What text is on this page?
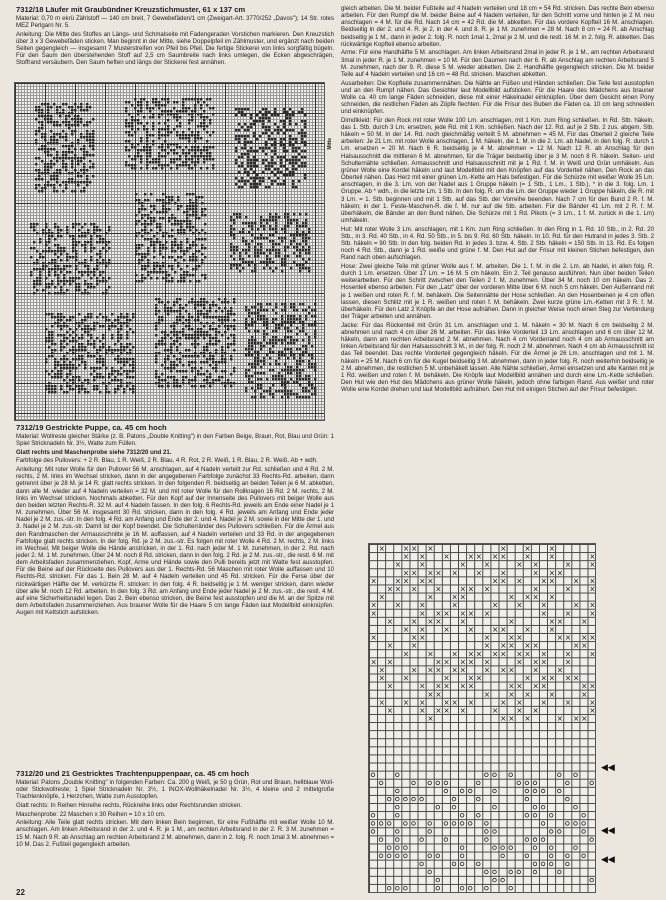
7312/18 Läufer mit Graubündner Kreuzstichmuster, 61 x 137 cm

Material: 0,70 m ekrü Zählstoff — 140 cm breit, 7 Gewebefäden/1 cm (Zweigart-Art. 3770/252 „Davos"); 14 Str. rotes MEZ Perlgarn Nr. 5.

Anleitung: Die Mitte des Stoffes an Längs- und Schmalseite mit Fadengeraden Vorstichen markieren. Den Kreuzstich über 3 x 3 Gewebefäden sticken. Man beginnt in der Mitte, siehe Doppelpfeil im Zählmuster, und ergänzt nach beiden Seiten gegengleich — insgesamt 7 Musterstreifen von Pfeil bis Pfeil. Die fertige Stickerei von links sorgfältig bügeln. Für den Saum den überstehenden Stoff auf 2,5 cm Saumbreite nach links umlegen, die Ecken abgeschrägen, Stoffrand versäubern. Den Saum heften und längs der Stickerei fest annähen.

Mitte
7312/19 Gestrickte Puppe, ca. 45 cm hoch

Material: Wollreste gleicher Stärke (z. B. Patons „Double Knitting") in den Farben Beige, Braun, Rot, Blau und Grün: 1 Spiel Stricknadeln Nr. 3½, Watte zum Füllen.

Glatt rechts und Maschenprobe siehe 7312/20 und 21.

Farbfolge des Pullovers: + 2 R. Blau, 1 R. Weiß, 2 R. Blau, 4 R. Rot, 2 R. Weiß, 1 R. Blau, 2 R. Weiß. Ab + wdh.

Anleitung: Mit roter Wolle für den Pullover 56 M. anschlagen, auf 4 Nadeln verteilt zur Rd. schließen und 4 Rd. 2 M. rechts, 2 M. links im Wechsel stricken, dann in der angegebenen Farbfolge zunächst 33 Rechts-Rd. arbeiten, dann getrennt über je 28 M. je 14 R. glatt rechts stricken. In den folgenden R. beidseitig an beiden Teilen je 6 M. abketten, dann alle M. wieder auf 4 Nadeln verteilen = 32 M. und mit roter Wolle für den Rollkragen 16 Rd. 2 M. rechts, 2 M. links im Wechsel stricken. Nochmals abketten. Für den Kopf auf der Innenseite des Pullovers mit beiger Wolle aus den beiden letzten Rechts-R. 32 M. auf 4 Nadeln fassen. In den folg. 6 Rechts-Rd. jeweils am Ende einer Nadel je 1 M. zunehmen. Über 56 M. insgesamt 30 Rd. stricken, dann in den folg. 4 Rd. jeweils am Anfang und Ende jeder Nadel je 2 M. zus.-str. In den folg. 4 Rd. am Anfang und Ende der 2. und 4. Nadel je 2 M. sowie in der Mitte der 1. und 3. Nadel je 2 M. zus.-str. Damit ist der Kopf beendet. Die Schulterränder des Pullovers schließen. Für die Ärmel aus den Randmaschen der Armausschnitte je 16 M. auffassen, auf 4 Nadeln verteilen und 33 Rd. in der angegebenen Farbfolge glatt rechts stricken. In der folg. Rd. je 2 M. zus.-str. Es folgen mit roter Wolle 4 Rd. 2 M. rechts, 2 M. links im Wechsel. Mit beiger Wolle die Hände anstricken, in der 1. Rd. nach jeder M. 1 M. zunehmen, in der 2. Rd. nach jeder 2. M. 1 M. zunehmen. Über 24 M. noch 8 Rd. stricken, dann in den folg. 2 Rd. je 2 M. zus.-str., die restl. 6 M. mit dem Arbeitsfaden zusammenziehen. Kopf, Arme und Hände sowie den Pulli bereits jetzt mit Watte fest ausstopfen. Für die Beine auf der Rückseite des Pullovers aus der 1. Rechts-Rd. 56 Maschen mit roter Wolle auffassen und 10 Rechts-Rd. stricken. Für das 1. Bein 28 M. auf 4 Nadeln verteilen und 45 Rd. stricken. Für die Ferse über der rückwärtigen Hälfte der M. verkürzte R. stricken: In den folg. 4 R. beidseitig je 1 M. weniger stricken, dann wieder über alle M. noch 12 Rd. arbeiten. In den folg. 3 Rd. am Anfang und Ende jeder Nadel je 2 M. zus.-str., die restl. 4 M. auf eine Sicherheitsnadel legen. Das 2. Bein ebenso stricken, die Beine fest ausstopfen und die M. an der Spitze mit dem Arbeitsfaden zusammenziehen. Aus brauner Wolle für die Haare 5 cm lange Fäden laut Modellbild einknüpfen. Augen mit Kettstich aufsticken.

7312/20 und 21 Gestricktes Trachtenpuppenpaar, ca. 45 cm hoch

Material: Patons „Double Knitting" in folgenden Farben: Ca. 200 g Weiß, je 50 g Grün, Rot und Braun, hellblaue Woll- oder Stickwollreste; 1 Spiel Stricknadeln Nr. 3½, 1 INOX-Wollhäkelnadel Nr. 3½, 4 kleine und 2 mittelgroße Trachtenknöpfe, 1 Herzchen, Watte zum Ausstopfen.

Glatt rechts: In Reihen Hinreihe rechts, Rückreihe links oder Rechtsrunden stricken.

Maschenprobe: 22 Maschen x 30 Reihen = 10 x 10 cm.

Anleitung: Alle Teile glatt rechts stricken. Mit dem linken Bein beginnen, für eine Fußhälfte mit weißer Wolle 10 M. anschlagen. Am linken Arbeitsrand in der 2. und 4. R. je 1 M., am rechten Arbeitsrand in der 2. R. 3 M. zunehmen = 15 M. Nach 9 R. ab Anschlag am rechten Arbeitsrand 2 M. abnehmen, dann in 2. folg. R. noch 1mal 3 M. abnehmen = 10 M. Das 2. Fußteil gegengleich arbeiten.

gleich arbeiten. Die M. beider Fußteile auf 4 Nadeln verteilen und 18 cm = 54 Rd. stricken. Das rechte Bein ebenso arbeiten. Für den Rumpf die M. beider Beine auf 4 Nadeln verteilen, für den Schritt vorne und hinten je 2 M. neu anschlagen = 4 M. für die Rd. Nach 14 cm = 42 Rd. die M. abketten. Für das vordere Kopfteil 16 M. anschlagen. Beidseitig in der 2. und 4. R. je 2, in der 4. und 8. R. je 1 M. zunehmen = 28 M. Nach 8 cm = 24 R. ab Anschlag beidseitig je 1 M., dann in jeder 2. folg. R. noch 1mal 1, 2mal je 2 M. und die restl. 16 M. in 2. folg. R. abketten. Das rückwärtige Kopfteil ebenso arbeiten.

Arme: Für eine Handhälfte 5 M. anschlagen. Am linken Arbeitsrand 2mal in jeder R. je 1 M., am rechten Arbeitsrand 3mal in jeder R. je 1 M. zunehmen = 10 M. Für den Daumen nach der 6. R. ab Anschlag am rechten Arbeitsrand 5 M. zunehmen, nach der 9. R. diese 5 M. wieder abketten. Die 2. Handhälfte gegengleich stricken. Die M. beider Teile auf 4 Nadeln verteilen und 16 cm = 48 Rd. stricken. Maschen abketten.

Ausarbeiten: Die Kopfteile zusammennähen. Die Nähte an Füßen und Händen schließen. Die Teile fest ausstopfen und an den Rumpf nähen. Das Gesichter laut Modellbild aufsticken. Für die Haare des Mädchens aus brauner Wolle ca. 40 cm lange Fäden schneiden, diese mit einer Häkelnadel einknüpfen. Über dem Gesicht einen Pony schneiden, die restlichen Fäden als Zöpfe flechten. Für die Frisur des Buben die Fäden ca. 10 cm lang schneiden und einknüpfen.

Dirndlkleid: Für den Rock mit roter Wolle 100 Lm. anschlagen, mit 1 Km. zum Ring schließen. In Rd. Stb. häkeln, das 1. Stb. durch 3 Lm. ersetzen, jede Rd. mit 1 Km. schließen. Nach der 12. Rd. auf je 2 Stb. 2 zus. abgem. Stb. häkeln = 50 M. In der 14. Rd. noch gleichmäßig verteilt 5 M. abnehmen = 45 M. Für das Oberteil 2 gleiche Teile arbeiten: Je 21 Lm. mit roter Wolle anschlagen, 1 M. häkeln, die 1. M. in die 2. Lm. ab Nadel, in den folg. R. durch 1 Lm. ersetzen = 20 M. Nach 6 R. beidseitig je 4 M. abnehmen = 12 M. Nach 12 R. ab Anschlag für den Halsausschnitt die mittleren 6 M. abnehmen, für die Träger beidseitig über je 3 M. noch 8 R. häkeln. Seiten- und Schulternähte schließen. Armausschnitt und Halsausschnitt mit je 1 Rd. f. M. in Weiß und Grün umhäkeln. Aus grüner Wolle eine Kordel häkeln und laut Modellbild mit den Knöpfen auf das Vorderteil nähen. Den Rock an das Oberteil nähen. Das Herz mit einer grünen Lm.-Kette am Hals befestigen. Für die Schürze mit weißer Wolle 35 Lm. anschlagen, in die 3. Lm. von der Nadel aus 1 Gruppe häkeln (= 1 Stb., 1 Lm., 1 Stb.), * in die 3. folg. Lm. 1 Gruppe. Ab * wdh., in die letzte Lm. 1 Stb. In den folg. R. um die Lm. der Gruppe wieder 1 Gruppe häkeln, die R. mit 3 Lm. = 1. Stb. beginnen und mit 1 Stb. auf das Stb. der Vorreihe beenden. Nach 7 cm für den Bund 2 R. f. M. häkeln; in der 1. Feste-Maschen-R. die f. M. nur auf die Stb. arbeiten. Für die Bänder 41 Lm. mit 2 R. f. M. überhäkeln, die Bänder an den Bund nähen. Die Schürze mit 1 Rd. Pikots (= 3 Lm., 1 f. M. zurück in die 1. Lm) umhäkeln.

Hut: Mit roter Wolle 3 Lm. anschlagen, mit 1 Km. zum Ring schließen. In den Ring in 1. Rd. 10 Stb., in 2. Rd. 20 Stb., in 3. Rd. 40 Stb., in 4. Rd. 50 Stb., in 5. bis 9. Rd. 60 Stb. häkeln. In 10. Rd. für den Hutrand in jedes 3. Stb. 2 Stb. häkeln = 90 Stb. In den folg. beiden Rd. in jedes 3. bzw. 4. Stb. 2 Stb. häkeln = 150 Stb. In 13. Rd. Es folgen noch 4 Rd. Stb., dann je 1 Rd. weiße und grüne f. M. Den Hut auf der Frisur mit kleinen Stichen befestigen, den Rand nach oben aufschlagen.

Hose: Zwei gleiche Teile mit grüner Wolle aus f. M. arbeiten. Die 1. f. M. in die 2. Lm. ab Nadel, in allen folg. R. durch 1 Lm. ersetzen. Über 17 Lm. = 16 M. 5 cm häkeln. Ein 2. Teil genauso ausführen. Nun über beiden Teilen weiterarbeiten. Für den Schritt zwischen den Teilen 2 f. M. zunehmen. Über 34 M. noch 10 cm häkeln. Das 2. Hosenteil ebenso arbeiten. Für den „Latz" über der vorderen Mitte über 6 M. noch 5 cm häkeln. Den Außenrand mit je 1 weißen und roten R. f. M. behäkeln. Die Seitennähte der Hose schließen. An den Hosenbeinen je 4 cm offen lassen, diesen Schlitz mit je 1 R. weißen und roten f. M. behäkeln. Zwei kurze grüne Lm.-Ketten mit 3 R. f. M. überhäkeln. Für den Latz 2 Knöpfe an der Hose aufnähen. Dann in gleicher Weise noch einen Steg zur Verbindung der Träger arbeiten und annähen.

Jacke: Für das Rückenteil mit Grün 31 Lm. anschlagen und 1. M. häkeln = 30 M. Nach 6 cm beidseitig 2 M. abnehmen und nach 4 cm über 26 M. arbeiten. Für das linke Vorderteil 13 Lm. anschlagen und 6 cm über 12 M. häkeln, dann am rechten Arbeitsrand 2 M. abnehmen. Nach 4 cm Vorderrand noch 4 cm ab Armausschnitt am linken Arbeitsrand für den Halsausschnitt 3 M., in der folg. R. noch 2 M. abnehmen. Nach 4 cm ab Armausschnitt ist das Teil beendet. Das rechte Vorderteil gegengleich häkeln. Für die Ärmel je 26 Lm. anschlagen und mit 1. M. häkeln = 25 M. Nach 6 cm für die Kugel beidseitig 3 M. abnehmen, dann in jeder folg. R. noch weiterhin beidseitig je 2 M. abnehmen, die restlichen 5 M. unbehäkelt lassen. Alle Nähte schließen, Ärmel einsetzen und alle Kanten mit je 1 Rd. weißen und roten f. M. behäkeln. Die Knöpfe laut Modellbild annähen und durch eine Lm.-Kette schließen. Den Hut wie den Hut des Mädchens aus grüner Wolle häkeln, jedoch ohne farbigen Rand. Aus weißer und roter Wolle eine Kordel drehen und laut Modellbild aufnähen. Den Hut mit einigen Stichen auf der Frisur befestigen.

× × × ×	× × ×
× × × × × × × × ×	×
× ×	× ×	× ×	× ×
× × × × × × ×	× × ×
× × × × ×	× × × × × × ×
× × × × × × ×	×	× ×
×	× × ×	× × × ×
× × ×	×	× × ×	× ×
×	× × × × × ×	× × ×
× × × × ×	×	× × ×
× × × × × × × ×
×	× ×	× × ×	× × × ×
× ×	× × × × ×	× ×
× × × × × × × × × × × ×
× ×	× × × × ×	× × × ×
×	× × × × × × × × × ×
× ×	× × ×	× × × × ×
×	× × × × ×	× × × ×	× ×
× ×	× × × ×	×
× × × × × ×	× × × × ×
×	× × × ×	× × ×	×
×	× × ×	× × ×
◀◀
◀◀
◀◀
22
